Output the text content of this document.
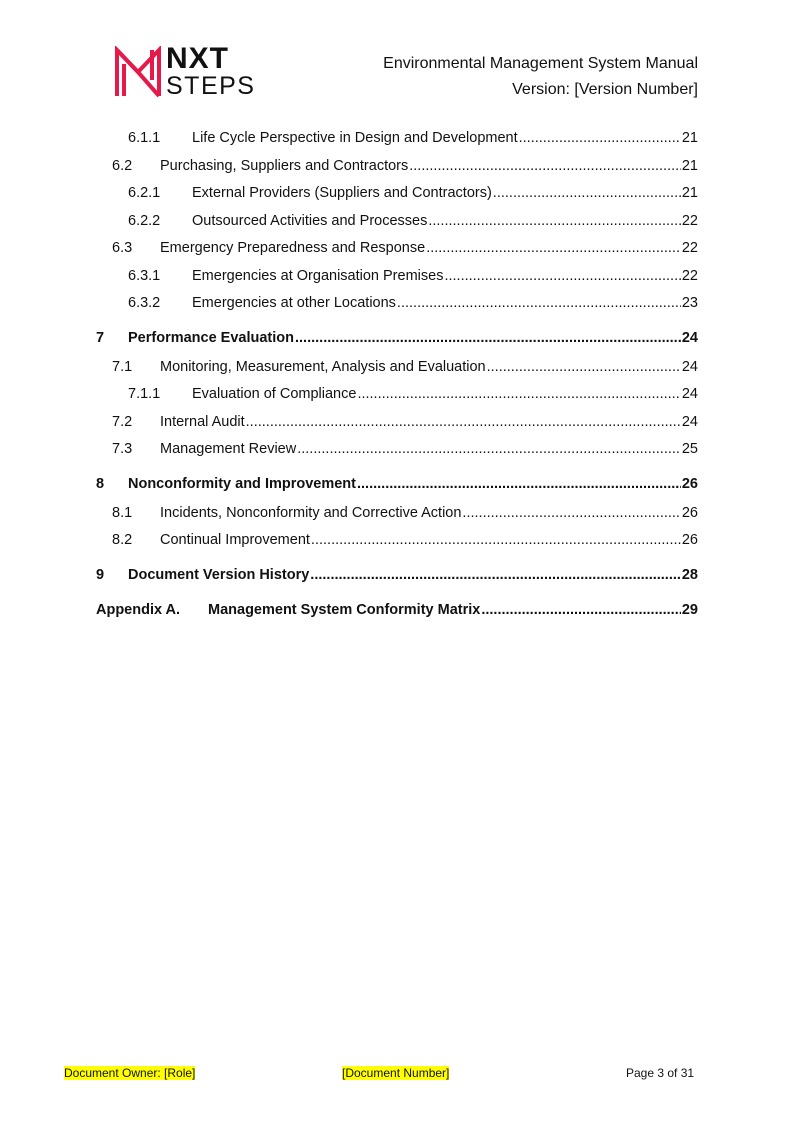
NXT
STEPS
Environmental Management System Manual
Version: [Version Number]
6.1.1	Life Cycle Perspective in Design and Development .....	21
6.2	Purchasing, Suppliers and Contractors .....	21
6.2.1	External Providers (Suppliers and Contractors) .....	21
6.2.2	Outsourced Activities and Processes .....	22
6.3	Emergency Preparedness and Response .....	22
6.3.1	Emergencies at Organisation Premises .....	22
6.3.2	Emergencies at other Locations .....	23
7	Performance Evaluation .....	24
7.1	Monitoring, Measurement, Analysis and Evaluation .....	24
7.1.1	Evaluation of Compliance .....	24
7.2	Internal Audit .....	24
7.3	Management Review .....	25
8	Nonconformity and Improvement .....	26
8.1	Incidents, Nonconformity and Corrective Action .....	26
8.2	Continual Improvement .....	26
9	Document Version History .....	28
Appendix A.	Management System Conformity Matrix .....	29
Document Owner: [Role]	[Document Number]	Page 3 of 31
